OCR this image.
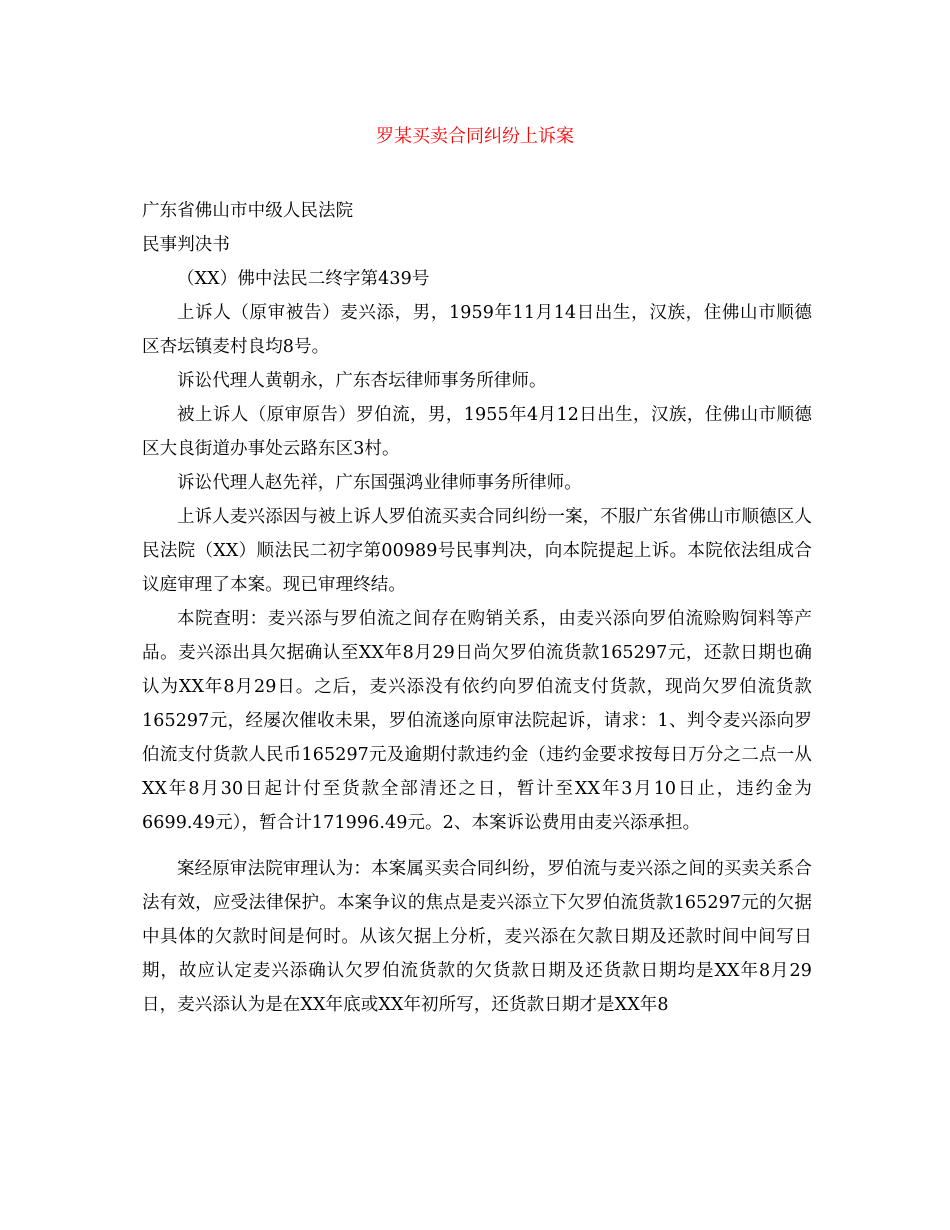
罗某买卖合同纠纷上诉案

广东省佛山市中级人民法院

民事判决书

（XX）佛中法民二终字第439号

上诉人（原审被告）麦兴添，男，1959年11月14日出生，汉族，住佛山市顺德区杏坛镇麦村良均8号。

诉讼代理人黄朝永，广东杏坛律师事务所律师。

被上诉人（原审原告）罗伯流，男，1955年4月12日出生，汉族，住佛山市顺德区大良街道办事处云路东区3村。

诉讼代理人赵先祥，广东国强鸿业律师事务所律师。

上诉人麦兴添因与被上诉人罗伯流买卖合同纠纷一案，不服广东省佛山市顺德区人民法院（XX）顺法民二初字第00989号民事判决，向本院提起上诉。本院依法组成合议庭审理了本案。现已审理终结。

本院查明：麦兴添与罗伯流之间存在购销关系，由麦兴添向罗伯流赊购饲料等产品。麦兴添出具欠据确认至XX年8月29日尚欠罗伯流货款165297元，还款日期也确认为XX年8月29日。之后，麦兴添没有依约向罗伯流支付货款，现尚欠罗伯流货款165297元，经屡次催收未果，罗伯流遂向原审法院起诉，请求：1、判令麦兴添向罗伯流支付货款人民币165297元及逾期付款违约金（违约金要求按每日万分之二点一从XX年8月30日起计付至货款全部清还之日，暂计至XX年3月10日止，违约金为6699.49元），暂合计171996.49元。2、本案诉讼费用由麦兴添承担。

案经原审法院审理认为：本案属买卖合同纠纷，罗伯流与麦兴添之间的买卖关系合法有效，应受法律保护。本案争议的焦点是麦兴添立下欠罗伯流货款165297元的欠据中具体的欠款时间是何时。从该欠据上分析，麦兴添在欠款日期及还款时间中间写日期，故应认定麦兴添确认欠罗伯流货款的欠货款日期及还货款日期均是XX年8月29日，麦兴添认为是在XX年底或XX年初所写，还货款日期才是XX年8
